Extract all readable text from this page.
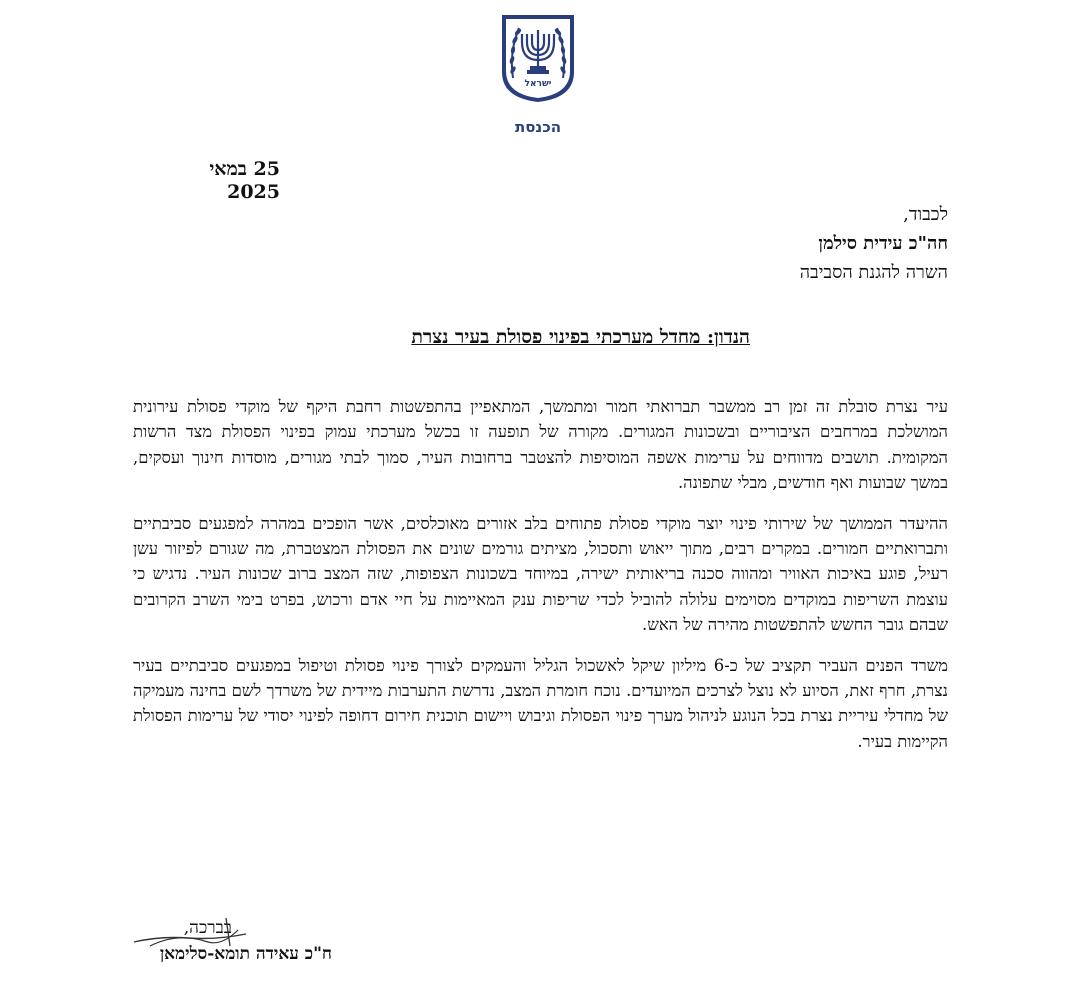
ישראל
הכנסת
25 במאי 2025
לכבוד,
חה"כ עידית סילמן
השרה להגנת הסביבה
הנדון: מחדל מערכתי בפינוי פסולת בעיר נצרת

עיר נצרת סובלת זה זמן רב ממשבר תברואתי חמור ומתמשך, המתאפיין בהתפשטות רחבת היקף של מוקדי פסולת עירונית המושלכת במרחבים הציבוריים ובשכונות המגורים. מקורה של תופעה זו בכשל מערכתי עמוק בפינוי הפסולת מצד הרשות המקומית. תושבים מדווחים על ערימות אשפה המוסיפות להצטבר ברחובות העיר, סמוך לבתי מגורים, מוסדות חינוך ועסקים, במשך שבועות ואף חודשים, מבלי שתפונה.

ההיעדר הממושך של שירותי פינוי יוצר מוקדי פסולת פתוחים בלב אזורים מאוכלסים, אשר הופכים במהרה למפגעים סביבתיים ותברואתיים חמורים. במקרים רבים, מתוך ייאוש ותסכול, מציתים גורמים שונים את הפסולת המצטברת, מה שגורם לפיזור עשן רעיל, פוגע באיכות האוויר ומהווה סכנה בריאותית ישירה, במיוחד בשכונות הצפופות, שזה המצב ברוב שכונות העיר. נדגיש כי עוצמת השריפות במוקדים מסוימים עלולה להוביל לכדי שריפות ענק המאיימות על חיי אדם ורכוש, בפרט בימי השרב הקרובים שבהם גובר החשש להתפשטות מהירה של האש.

משרד הפנים העביר תקציב של כ-6 מיליון שיקל לאשכול הגליל והעמקים לצורך פינוי פסולת וטיפול במפגעים סביבתיים בעיר נצרת, חרף זאת, הסיוע לא נוצל לצרכים המיועדים. נוכח חומרת המצב, נדרשת התערבות מיידית של משרדך לשם בחינה מעמיקה של מחדלי עיריית נצרת בכל הנוגע לניהול מערך פינוי הפסולת וגיבוש ויישום תוכנית חירום דחופה לפינוי יסודי של ערימות הפסולת הקיימות בעיר.

בברכה,
ח"כ עאידה תומא-סלימאן
